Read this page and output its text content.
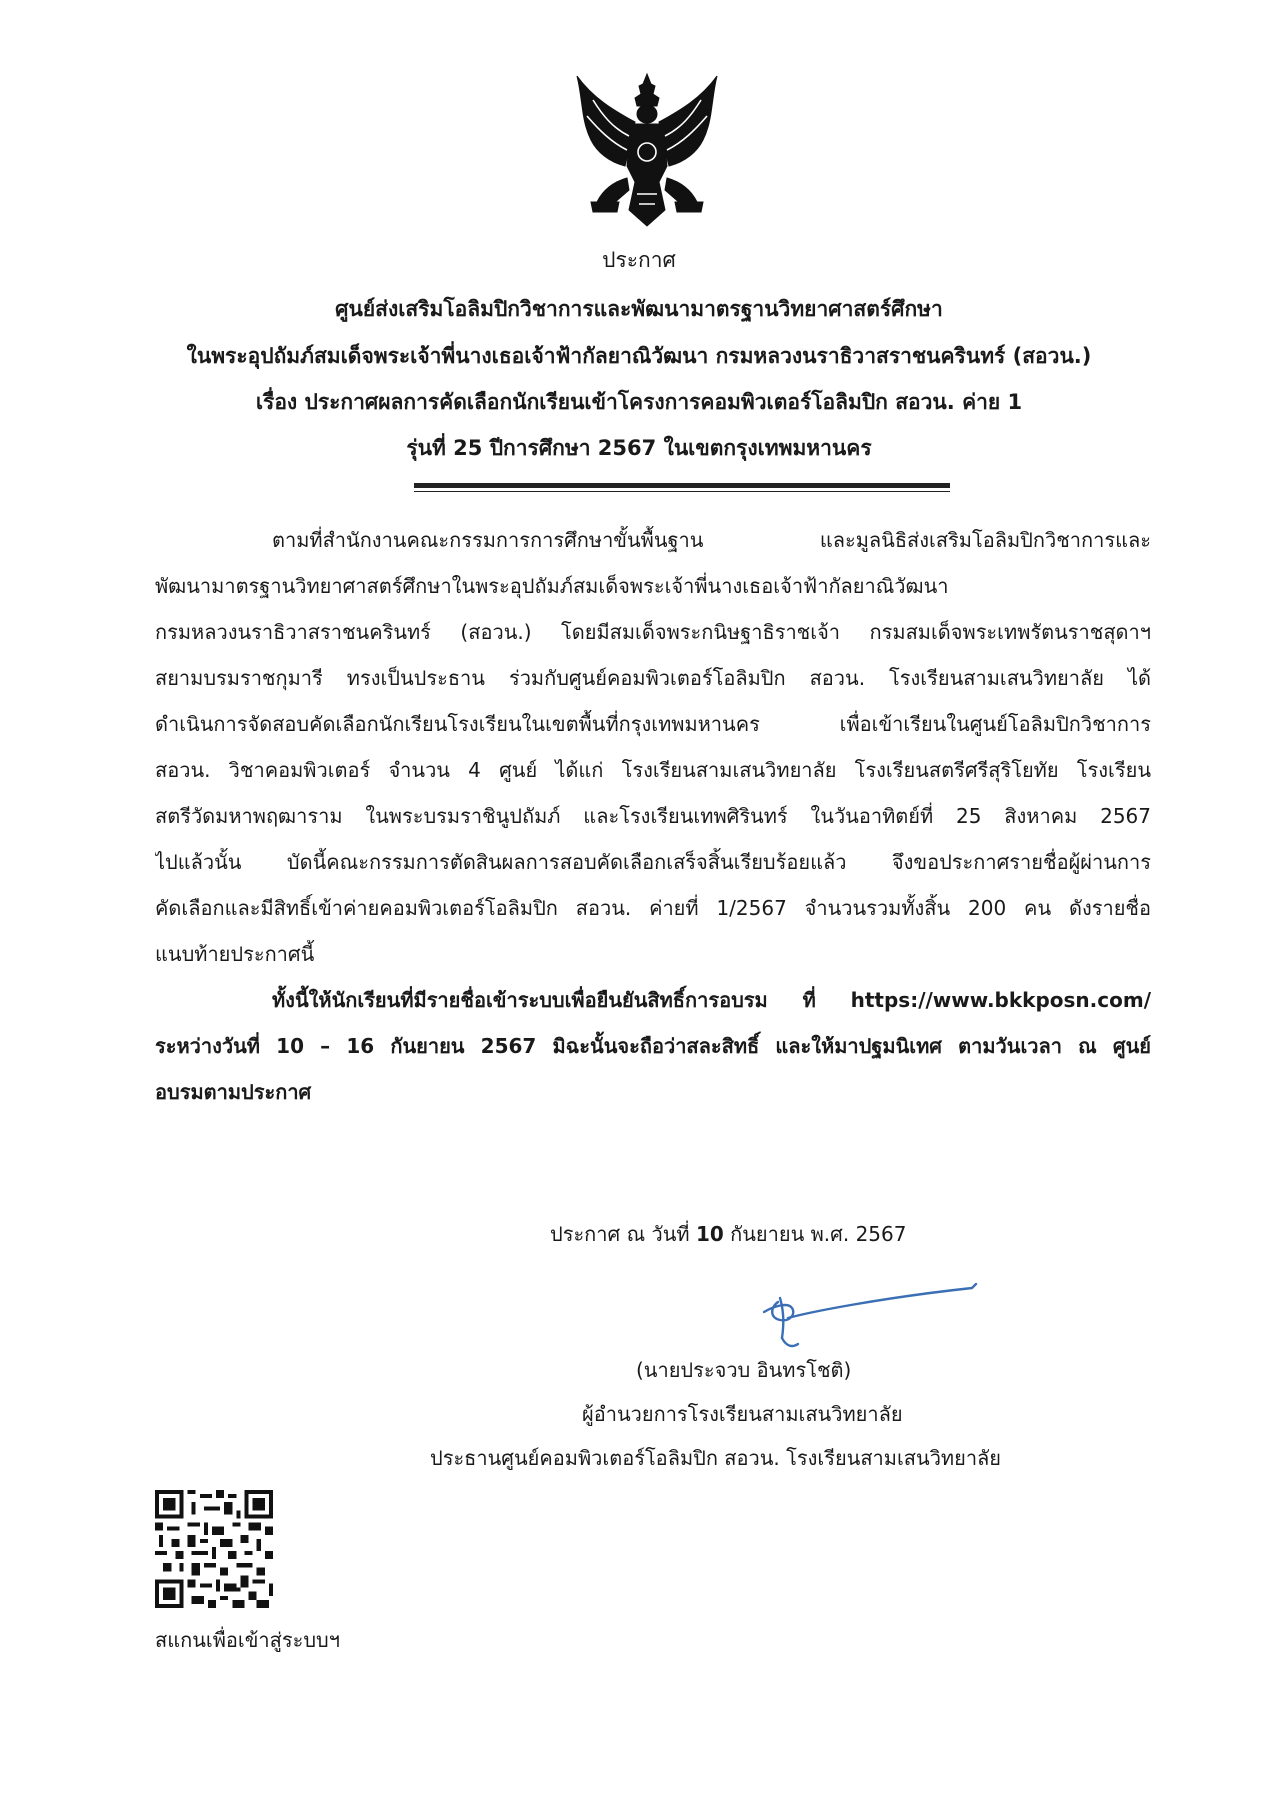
ประกาศ
ศูนย์ส่งเสริมโอลิมปิกวิชาการและพัฒนามาตรฐานวิทยาศาสตร์ศึกษา
ในพระอุปถัมภ์สมเด็จพระเจ้าพี่นางเธอเจ้าฟ้ากัลยาณิวัฒนา กรมหลวงนราธิวาสราชนครินทร์ (สอวน.)
เรื่อง ประกาศผลการคัดเลือกนักเรียนเข้าโครงการคอมพิวเตอร์โอลิมปิก สอวน. ค่าย 1
รุ่นที่ 25 ปีการศึกษา 2567 ในเขตกรุงเทพมหานคร
ตามที่สำนักงานคณะกรรมการการศึกษาขั้นพื้นฐาน และมูลนิธิส่งเสริมโอลิมปิกวิชาการและ
พัฒนามาตรฐานวิทยาศาสตร์ศึกษาในพระอุปถัมภ์สมเด็จพระเจ้าพี่นางเธอเจ้าฟ้ากัลยาณิวัฒนา
กรมหลวงนราธิวาสราชนครินทร์ (สอวน.) โดยมีสมเด็จพระกนิษฐาธิราชเจ้า กรมสมเด็จพระเทพรัตนราชสุดาฯ
สยามบรมราชกุมารี ทรงเป็นประธาน ร่วมกับศูนย์คอมพิวเตอร์โอลิมปิก สอวน. โรงเรียนสามเสนวิทยาลัย ได้
ดำเนินการจัดสอบคัดเลือกนักเรียนโรงเรียนในเขตพื้นที่กรุงเทพมหานคร เพื่อเข้าเรียนในศูนย์โอลิมปิกวิชาการ
สอวน. วิชาคอมพิวเตอร์ จำนวน 4 ศูนย์ ได้แก่ โรงเรียนสามเสนวิทยาลัย โรงเรียนสตรีศรีสุริโยทัย โรงเรียน
สตรีวัดมหาพฤฒาราม ในพระบรมราชินูปถัมภ์ และโรงเรียนเทพศิรินทร์ ในวันอาทิตย์ที่ 25 สิงหาคม 2567
ไปแล้วนั้น บัดนี้คณะกรรมการตัดสินผลการสอบคัดเลือกเสร็จสิ้นเรียบร้อยแล้ว จึงขอประกาศรายชื่อผู้ผ่านการ
คัดเลือกและมีสิทธิ์เข้าค่ายคอมพิวเตอร์โอลิมปิก สอวน. ค่ายที่ 1/2567 จำนวนรวมทั้งสิ้น 200 คน ดังรายชื่อ
แนบท้ายประกาศนี้
ทั้งนี้ให้นักเรียนที่มีรายชื่อเข้าระบบเพื่อยืนยันสิทธิ์การอบรม ที่ https://www.bkkposn.com/
ระหว่างวันที่ 10 – 16 กันยายน 2567 มิฉะนั้นจะถือว่าสละสิทธิ์ และให้มาปฐมนิเทศ ตามวันเวลา ณ ศูนย์
อบรมตามประกาศ
ประกาศ ณ วันที่ 10 กันยายน พ.ศ. 2567
(นายประจวบ อินทรโชติ)
ผู้อำนวยการโรงเรียนสามเสนวิทยาลัย
ประธานศูนย์คอมพิวเตอร์โอลิมปิก สอวน. โรงเรียนสามเสนวิทยาลัย
สแกนเพื่อเข้าสู่ระบบฯ
